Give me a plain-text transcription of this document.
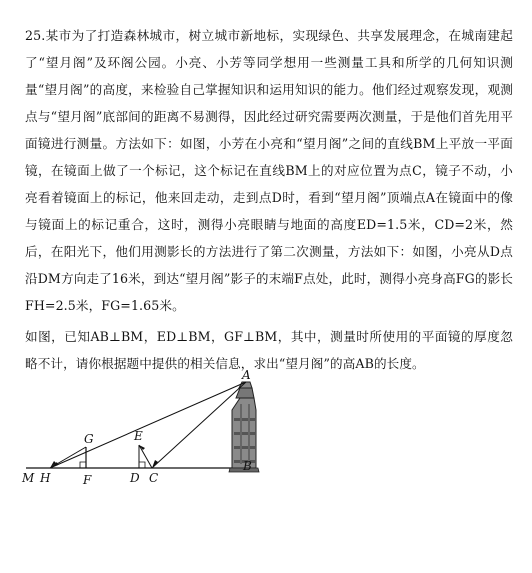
25.某市为了打造森林城市，树立城市新地标，实现绿色、共享发展理念，在城南建起了“望月阁”及环阁公园。小亮、小芳等同学想用一些测量工具和所学的几何知识测量“望月阁”的高度，来检验自己掌握知识和运用知识的能力。他们经过观察发现，观测点与“望月阁”底部间的距离不易测得，因此经过研究需要两次测量，于是他们首先用平面镜进行测量。方法如下：如图，小芳在小亮和“望月阁”之间的直线BM上平放一平面镜，在镜面上做了一个标记，这个标记在直线BM上的对应位置为点C，镜子不动，小亮看着镜面上的标记，他来回走动，走到点D时，看到“望月阁”顶端点A在镜面中的像与镜面上的标记重合，这时，测得小亮眼睛与地面的高度ED=1.5米，CD=2米，然后，在阳光下，他们用测影长的方法进行了第二次测量，方法如下：如图，小亮从D点沿DM方向走了16米，到达“望月阁”影子的末端F点处，此时，测得小亮身高FG的影长FH=2.5米，FG=1.65米。

如图，已知AB⊥BM，ED⊥BM，GF⊥BM，其中，测量时所使用的平面镜的厚度忽略不计，请你根据题中提供的相关信息，求出“望月阁”的高AB的长度。

A
B
C
D
E
F
G
H
M
